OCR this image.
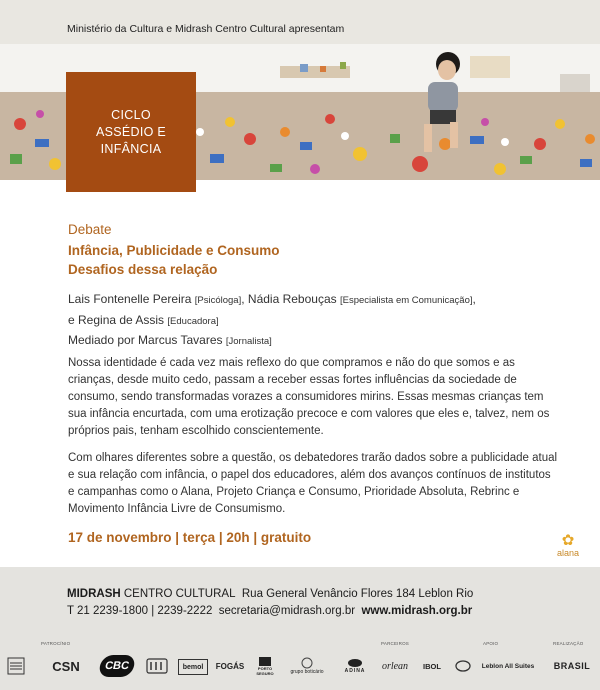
Ministério da Cultura e Midrash Centro Cultural apresentam
CICLO
ASSÉDIO E
INFÂNCIA
Debate
Infância, Publicidade e Consumo
Desafios dessa relação
Lais Fontenelle Pereira [Psicóloga], Nádia Rebouças [Especialista em Comunicação],
e Regina de Assis [Educadora]
Mediado por Marcus Tavares [Jornalista]

Nossa identidade é cada vez mais reflexo do que compramos e não do que somos e as crianças, desde muito cedo, passam a receber essas fortes influências da sociedade de consumo, sendo transformadas vorazes a consumidores mirins. Essas mesmas crianças tem sua infância encurtada, com uma erotização precoce e com valores que eles e, talvez, nem os próprios pais, tenham escolhido conscientemente.

Com olhares diferentes sobre a questão, os debatedores trarão dados sobre a publicidade atual e sua relação com infância, o papel dos educadores, além dos avanços contínuos de institutos e campanhas como o Alana, Projeto Criança e Consumo, Prioridade Absoluta, Rebrinc e Movimento Infância Livre de Consumismo.

17 de novembro | terça | 20h | gratuito	✿
alana
MIDRASH CENTRO CULTURAL Rua General Venâncio Flores 184 Leblon Rio
T 21 2239-1800 | 2239-2222 secretaria@midrash.org.br www.midrash.org.br
PATROCÍNIO	PARCEIROS	APOIO	REALIZAÇÃO
CSN CBC	bemol FOGÁS	PORTO SEGURO	grupo boticário	ADINA orlean IBOL	Leblon All Suites BRASIL
